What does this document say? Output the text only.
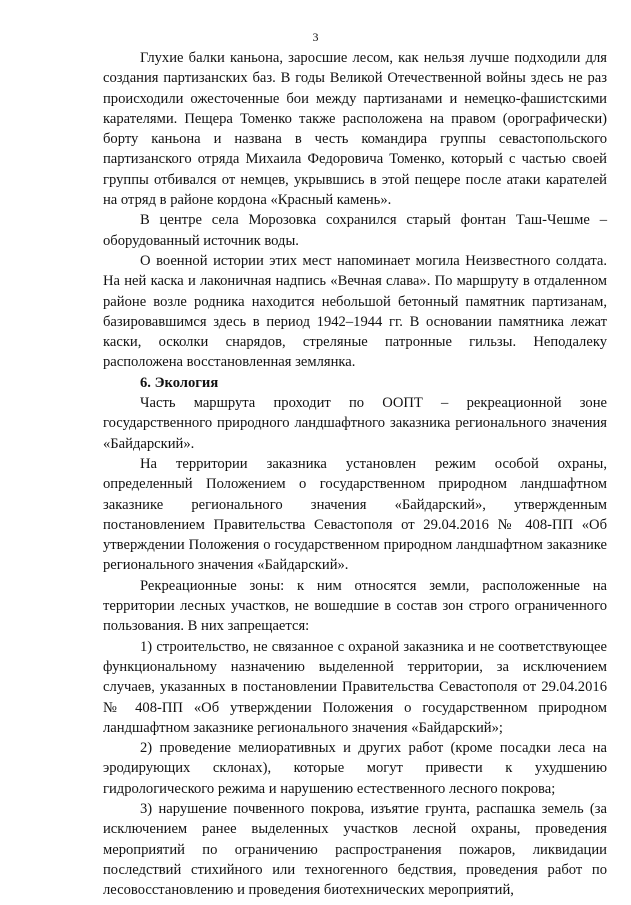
3

Глухие балки каньона, заросшие лесом, как нельзя лучше подходили для создания партизанских баз. В годы Великой Отечественной войны здесь не раз происходили ожесточенные бои между партизанами и немецко-фашистскими карателями. Пещера Томенко также расположена на правом (орографически) борту каньона и названа в честь командира группы севастопольского партизанского отряда Михаила Федоровича Томенко, который с частью своей группы отбивался от немцев, укрывшись в этой пещере после атаки карателей на отряд в районе кордона «Красный камень».

В центре села Морозовка сохранился старый фонтан Таш-Чешме – оборудованный источник воды.

О военной истории этих мест напоминает могила Неизвестного солдата. На ней каска и лаконичная надпись «Вечная слава». По маршруту в отдаленном районе возле родника находится небольшой бетонный памятник партизанам, базировавшимся здесь в период 1942–1944 гг. В основании памятника лежат каски, осколки снарядов, стреляные патронные гильзы. Неподалеку расположена восстановленная землянка.

6. Экология

Часть маршрута проходит по ООПТ – рекреационной зоне государственного природного ландшафтного заказника регионального значения «Байдарский».

На территории заказника установлен режим особой охраны, определенный Положением о государственном природном ландшафтном заказнике регионального значения «Байдарский», утвержденным постановлением Правительства Севастополя от 29.04.2016 № 408-ПП «Об утверждении Положения о государственном природном ландшафтном заказнике регионального значения «Байдарский».

Рекреационные зоны: к ним относятся земли, расположенные на территории лесных участков, не вошедшие в состав зон строго ограниченного пользования. В них запрещается:

1) строительство, не связанное с охраной заказника и не соответствующее функциональному назначению выделенной территории, за исключением случаев, указанных в постановлении Правительства Севастополя от 29.04.2016 № 408-ПП «Об утверждении Положения о государственном природном ландшафтном заказнике регионального значения «Байдарский»;

2) проведение мелиоративных и других работ (кроме посадки леса на эродирующих склонах), которые могут привести к ухудшению гидрологического режима и нарушению естественного лесного покрова;

3) нарушение почвенного покрова, изъятие грунта, распашка земель (за исключением ранее выделенных участков лесной охраны, проведения мероприятий по ограничению распространения пожаров, ликвидации последствий стихийного или техногенного бедствия, проведения работ по лесовосстановлению и проведения биотехнических мероприятий,
